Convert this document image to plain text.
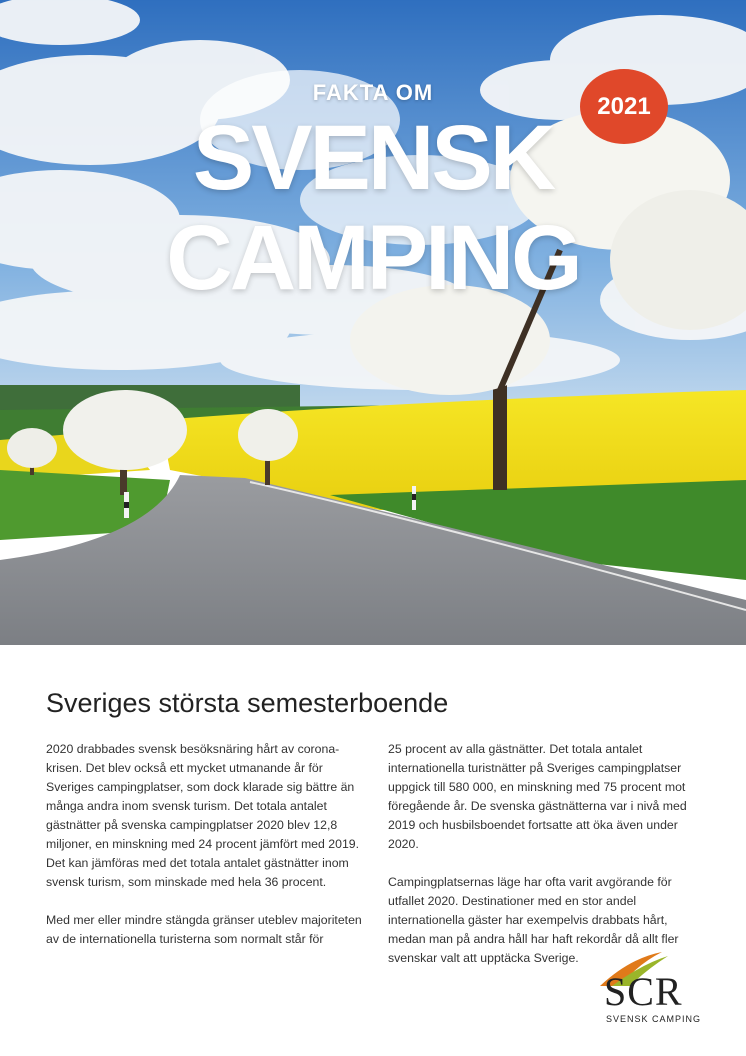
FAKTA OM
SVENSK
CAMPING
2021
Sveriges största semesterboende

2020 drabbades svensk besöksnäring hårt av corona-krisen. Det blev också ett mycket utmanande år för Sveriges campingplatser, som dock klarade sig bättre än många andra inom svensk turism. Det totala antalet gästnätter på svenska campingplatser 2020 blev 12,8 miljoner, en minskning med 24 procent jämfört med 2019. Det kan jämföras med det totala antalet gästnätter inom svensk turism, som minskade med hela 36 procent.

Med mer eller mindre stängda gränser uteblev majoriteten av de internationella turisterna som normalt står för

25 procent av alla gästnätter. Det totala antalet internationella turistnätter på Sveriges campingplatser uppgick till 580 000, en minskning med 75 procent mot föregående år. De svenska gästnätterna var i nivå med 2019 och husbilsboendet fortsatte att öka även under 2020.

Campingplatsernas läge har ofta varit avgörande för utfallet 2020. Destinationer med en stor andel internationella gäster har exempelvis drabbats hårt, medan man på andra håll har haft rekordår då allt fler svenskar valt att upptäcka Sverige.

SCR
SVENSK CAMPING
